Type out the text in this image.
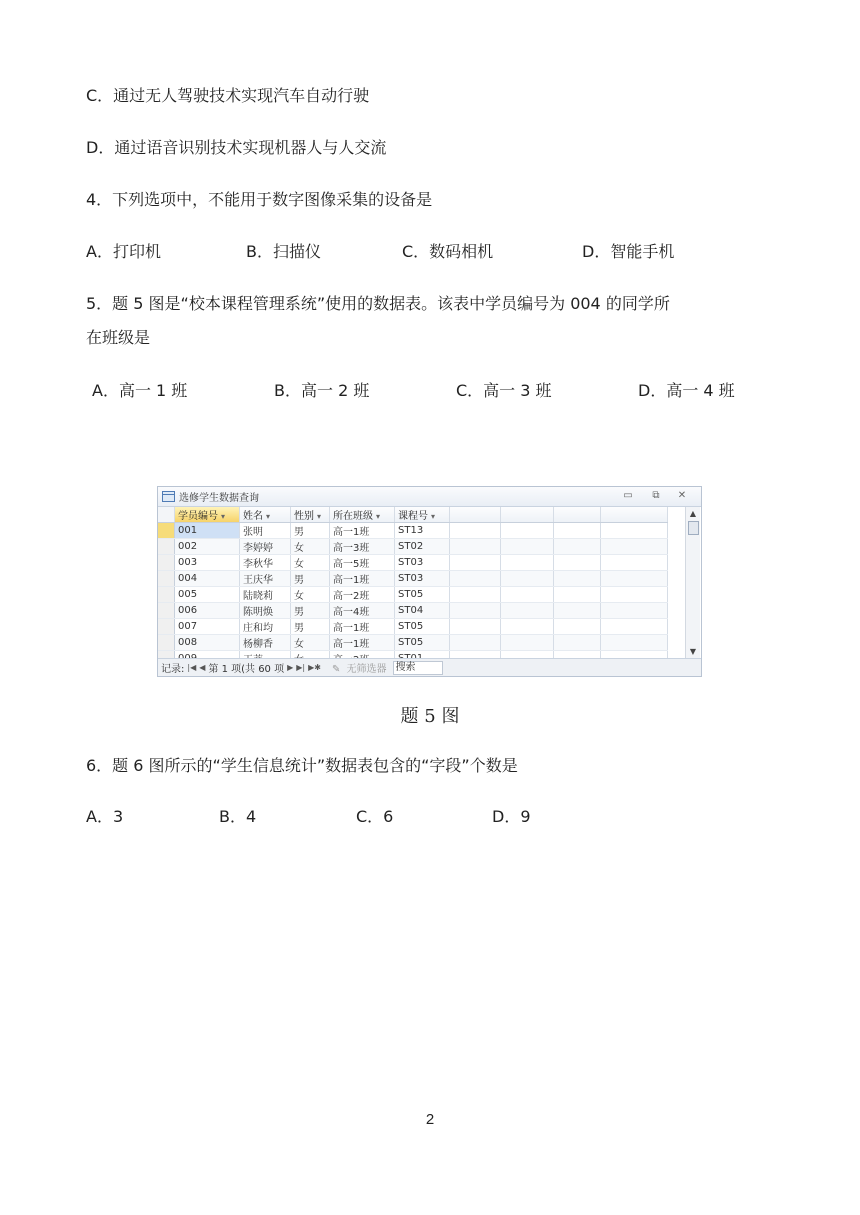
C．通过无人驾驶技术实现汽车自动行驶
D．通过语音识别技术实现机器人与人交流
4．下列选项中，不能用于数字图像采集的设备是
A．打印机	B．扫描仪	C．数码相机	D．智能手机
5．题 5 图是“校本课程管理系统”使用的数据表。该表中学员编号为 004 的同学所
在班级是
A．高一 1 班	B．高一 2 班	C．高一 3 班	D．高一 4 班
选修学生数据查询	▭	⧉	✕
	学员编号 ▾	姓名 ▾	性别 ▾	所在班级 ▾	课程号 ▾				
	001	张明	男	高一1班	ST13				
	002	李婷婷	女	高一3班	ST02				
	003	李秋华	女	高一5班	ST03				
	004	王庆华	男	高一1班	ST03				
	005	陆晓莉	女	高一2班	ST05				
	006	陈明焕	男	高一4班	ST04				
	007	庄和均	男	高一1班	ST05				
	008	杨柳香	女	高一1班	ST05				

▲
▼
记录: |◀ ◀ 第 1 项(共 60 项 ▶ ▶| ▶✱	✎ 无筛选器 搜索
题 5 图
6．题 6 图所示的“学生信息统计”数据表包含的“字段”个数是
A．3	B．4	C．6	D．9
2
